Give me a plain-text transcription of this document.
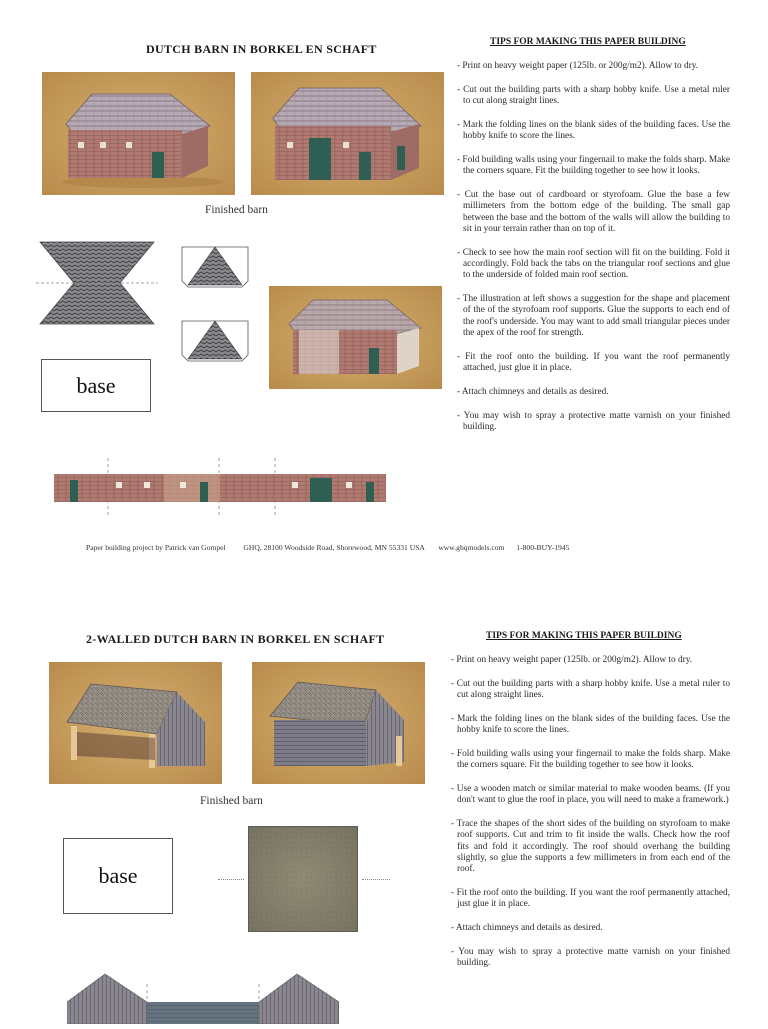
DUTCH BARN IN BORKEL EN SCHAFT
Finished barn
base
TIPS FOR MAKING THIS PAPER BUILDING

- Print on heavy weight paper (125lb. or 200g/m2). Allow to dry.

- Cut out the building parts with a sharp hobby knife. Use a metal ruler to cut along straight lines.

- Mark the folding lines on the blank sides of the building faces. Use the hobby knife to score the lines.

- Fold building walls using your fingernail to make the folds sharp. Make the corners square. Fit the building together to see how it looks.

- Cut the base out of cardboard or styrofoam. Glue the base a few millimeters from the bottom edge of the building. The small gap between the base and the bottom of the walls will allow the building to sit in your terrain rather than on top of it.

- Check to see how the main roof section will fit on the building. Fold it accordingly. Fold back the tabs on the triangular roof sections and glue to the underside of folded main roof section.

- The illustration at left shows a suggestion for the shape and placement of the of the styrofoam roof supports. Glue the supports to each end of the roof's underside. You may want to add small triangular pieces under the apex of the roof for strength.

- Fit the roof onto the building. If you want the roof permanently attached, just glue it in place.

- Attach chimneys and details as desired.

- You may wish to spray a protective matte varnish on your finished building.

Paper building project by Patrick van Gompel GHQ, 28100 Woodside Road, Shorewood, MN 55331 USA www.ghqmodels.com 1-800-BUY-1945
2-WALLED DUTCH BARN IN BORKEL EN SCHAFT
Finished barn
base
TIPS FOR MAKING THIS PAPER BUILDING

- Print on heavy weight paper (125lb. or 200g/m2). Allow to dry.

- Cut out the building parts with a sharp hobby knife. Use a metal ruler to cut along straight lines.

- Mark the folding lines on the blank sides of the building faces. Use the hobby knife to score the lines.

- Fold building walls using your fingernail to make the folds sharp. Make the corners square. Fit the building together to see how it looks.

- Use a wooden match or similar material to make wooden beams. (If you don't want to glue the roof in place, you will need to make a framework.)

- Trace the shapes of the short sides of the building on styrofoam to make roof supports. Cut and trim to fit inside the walls. Check how the roof fits and fold it accordingly. The roof should overhang the building slightly, so glue the supports a few millimeters in from each end of the roof.

- Fit the roof onto the building. If you want the roof permanently attached, just glue it in place.

- Attach chimneys and details as desired.

- You may wish to spray a protective matte varnish on your finished building.
